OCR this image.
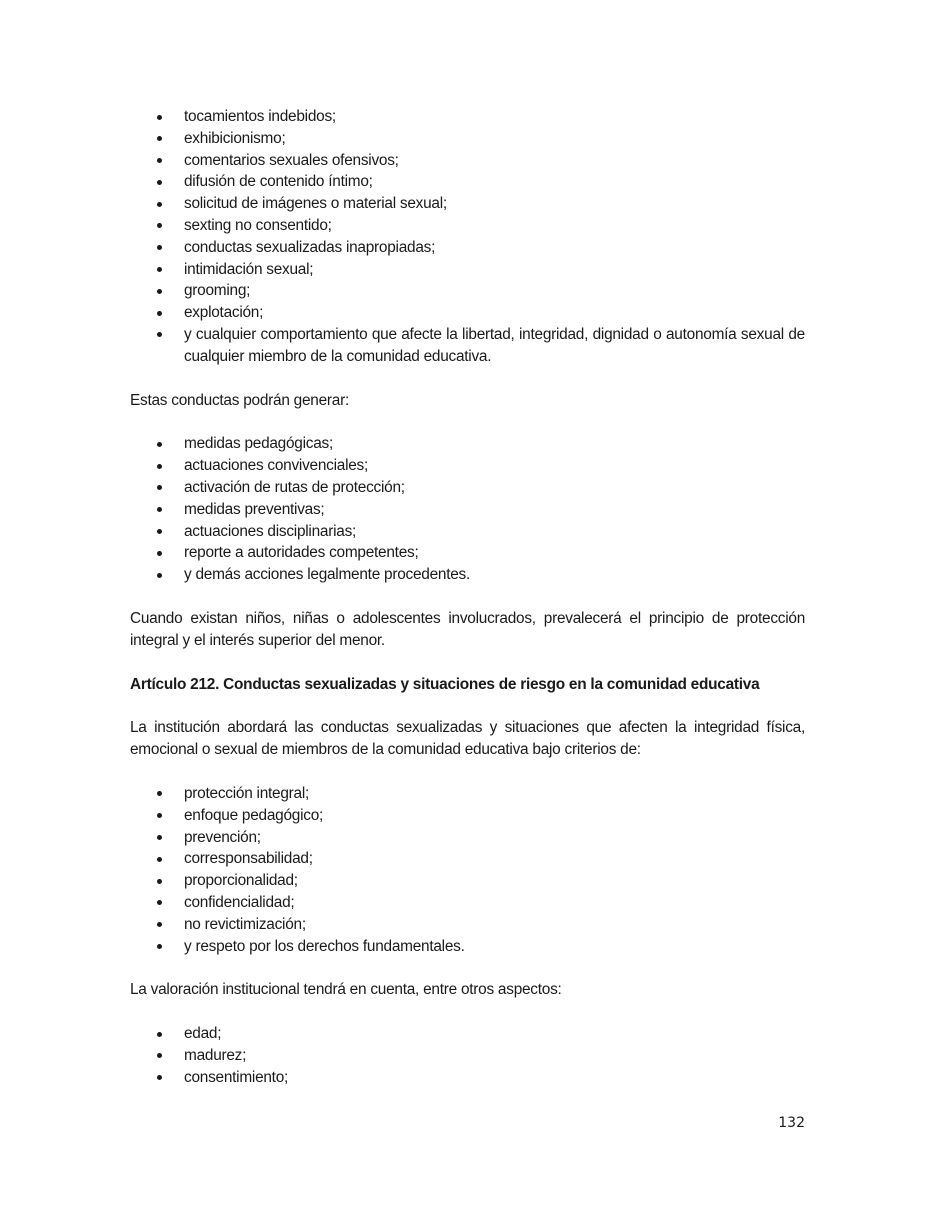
tocamientos indebidos;
exhibicionismo;
comentarios sexuales ofensivos;
difusión de contenido íntimo;
solicitud de imágenes o material sexual;
sexting no consentido;
conductas sexualizadas inapropiadas;
intimidación sexual;
grooming;
explotación;
y cualquier comportamiento que afecte la libertad, integridad, dignidad o autonomía sexual de cualquier miembro de la comunidad educativa.

Estas conductas podrán generar:

medidas pedagógicas;
actuaciones convivenciales;
activación de rutas de protección;
medidas preventivas;
actuaciones disciplinarias;
reporte a autoridades competentes;
y demás acciones legalmente procedentes.

Cuando existan niños, niñas o adolescentes involucrados, prevalecerá el principio de protección integral y el interés superior del menor.

Artículo 212. Conductas sexualizadas y situaciones de riesgo en la comunidad educativa

La institución abordará las conductas sexualizadas y situaciones que afecten la integridad física, emocional o sexual de miembros de la comunidad educativa bajo criterios de:

protección integral;
enfoque pedagógico;
prevención;
corresponsabilidad;
proporcionalidad;
confidencialidad;
no revictimización;
y respeto por los derechos fundamentales.

La valoración institucional tendrá en cuenta, entre otros aspectos:

edad;
madurez;
consentimiento;
132
